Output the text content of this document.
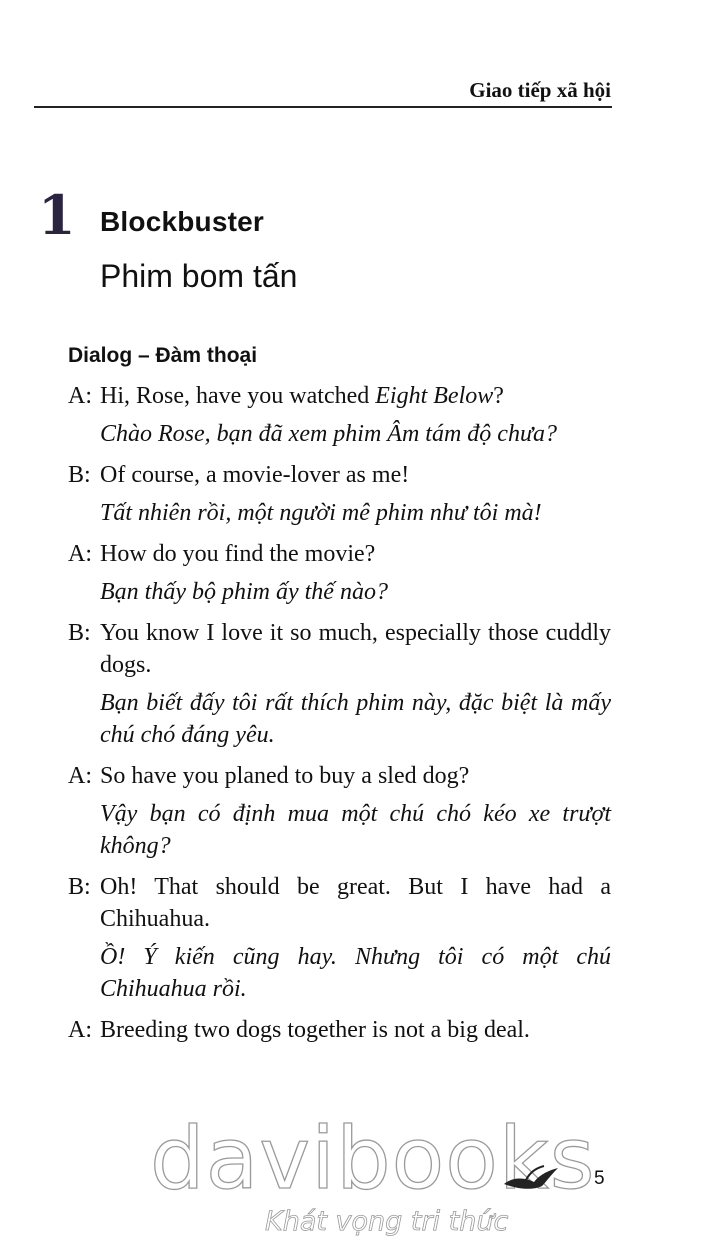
Giao tiếp xã hội
1 Blockbuster
Phim bom tấn
Dialog – Đàm thoại
A: Hi, Rose, have you watched Eight Below?
Chào Rose, bạn đã xem phim Âm tám độ chưa?
B: Of course, a movie-lover as me!
Tất nhiên rồi, một người mê phim như tôi mà!
A: How do you find the movie?
Bạn thấy bộ phim ấy thế nào?
B: You know I love it so much, especially those cuddly dogs.
Bạn biết đấy tôi rất thích phim này, đặc biệt là mấy chú chó đáng yêu.
A: So have you planed to buy a sled dog?
Vậy bạn có định mua một chú chó kéo xe trượt không?
B: Oh! That should be great. But I have had a Chihuahua.
Ồ! Ý kiến cũng hay. Nhưng tôi có một chú Chihuahua rồi.
A: Breeding two dogs together is not a big deal.
davibooks
Khát vọng tri thức
5
